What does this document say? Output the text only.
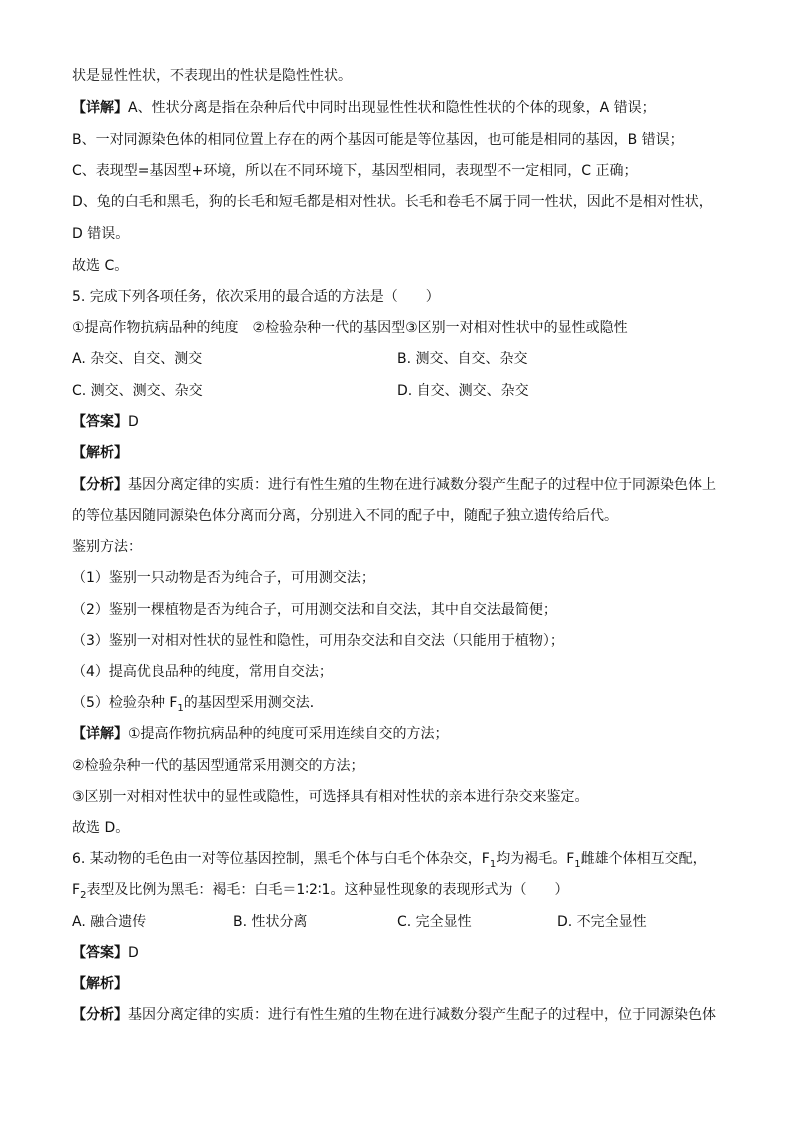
状是显性性状，不表现出的性状是隐性性状。
【详解】A、性状分离是指在杂种后代中同时出现显性性状和隐性性状的个体的现象，A 错误；
B、一对同源染色体的相同位置上存在的两个基因可能是等位基因，也可能是相同的基因，B 错误；
C、表现型=基因型+环境，所以在不同环境下，基因型相同，表现型不一定相同，C 正确；
D、兔的白毛和黑毛，狗的长毛和短毛都是相对性状。长毛和卷毛不属于同一性状，因此不是相对性状，
D 错误。
故选 C。
5. 完成下列各项任务，依次采用的最合适的方法是（　　）
①提高作物抗病品种的纯度　②检验杂种一代的基因型③区别一对相对性状中的显性或隐性
A. 杂交、自交、测交	B. 测交、自交、杂交
C. 测交、测交、杂交	D. 自交、测交、杂交
【答案】D
【解析】
【分析】基因分离定律的实质：进行有性生殖的生物在进行减数分裂产生配子的过程中位于同源染色体上
的等位基因随同源染色体分离而分离，分别进入不同的配子中，随配子独立遗传给后代。
鉴别方法：
（1）鉴别一只动物是否为纯合子，可用测交法；
（2）鉴别一棵植物是否为纯合子，可用测交法和自交法，其中自交法最简便；
（3）鉴别一对相对性状的显性和隐性，可用杂交法和自交法（只能用于植物）；
（4）提高优良品种的纯度，常用自交法；
（5）检验杂种 $F_1$的基因型采用测交法．
【详解】①提高作物抗病品种的纯度可采用连续自交的方法；
②检验杂种一代的基因型通常采用测交的方法；
③区别一对相对性状中的显性或隐性，可选择具有相对性状的亲本进行杂交来鉴定。
故选 D。
6. 某动物的毛色由一对等位基因控制，黑毛个体与白毛个体杂交，$F_1$均为褐毛。$F_1$雌雄个体相互交配，
$F_2$表型及比例为黑毛：褐毛：白毛＝1∶2∶1。这种显性现象的表现形式为（　　）
A. 融合遗传	B. 性状分离	C. 完全显性	D. 不完全显性
【答案】D
【解析】
【分析】基因分离定律的实质：进行有性生殖的生物在进行减数分裂产生配子的过程中，位于同源染色体
